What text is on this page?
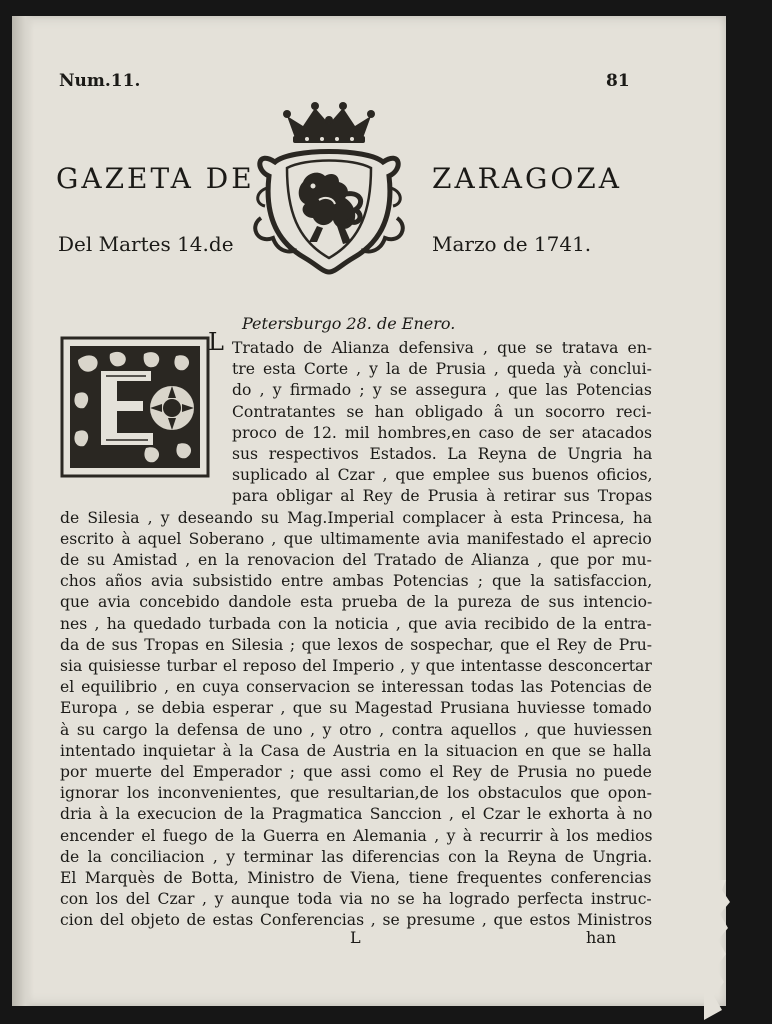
Num.11.	81
GAZETA DE	ZARAGOZA
Del Martes 14.de	Marzo de 1741.
Petersburgo 28. de Enero.
L Tratado de Alianza defensiva , que se tratava en-
tre esta Corte , y la de Prusia , queda yà conclui-
do , y firmado ; y se assegura , que las Potencias
Contratantes se han obligado â un socorro reci-
proco de 12. mil hombres,en caso de ser atacados
sus respectivos Estados. La Reyna de Ungria ha
suplicado al Czar , que emplee sus buenos oficios,
para obligar al Rey de Prusia à retirar sus Tropas
de Silesia , y deseando su Mag.Imperial complacer à esta Princesa, ha
escrito à aquel Soberano , que ultimamente avia manifestado el aprecio
de su Amistad , en la renovacion del Tratado de Alianza , que por mu-
chos años avia subsistido entre ambas Potencias ; que la satisfaccion,
que avia concebido dandole esta prueba de la pureza de sus intencio-
nes , ha quedado turbada con la noticia , que avia recibido de la entra-
da de sus Tropas en Silesia ; que lexos de sospechar, que el Rey de Pru-
sia quisiesse turbar el reposo del Imperio , y que intentasse desconcertar
el equilibrio , en cuya conservacion se interessan todas las Potencias de
Europa , se debia esperar , que su Magestad Prusiana huviesse tomado
à su cargo la defensa de uno , y otro , contra aquellos , que huviessen
intentado inquietar à la Casa de Austria en la situacion en que se halla
por muerte del Emperador ; que assi como el Rey de Prusia no puede
ignorar los inconvenientes, que resultarian,de los obstaculos que opon-
dria à la execucion de la Pragmatica Sanccion , el Czar le exhorta à no
encender el fuego de la Guerra en Alemania , y à recurrir à los medios
de la conciliacion , y terminar las diferencias con la Reyna de Ungria.
El Marquès de Botta, Ministro de Viena, tiene frequentes conferencias
con los del Czar , y aunque toda via no se ha logrado perfecta instruc-
cion del objeto de estas Conferencias , se presume , que estos Ministros
L	han
